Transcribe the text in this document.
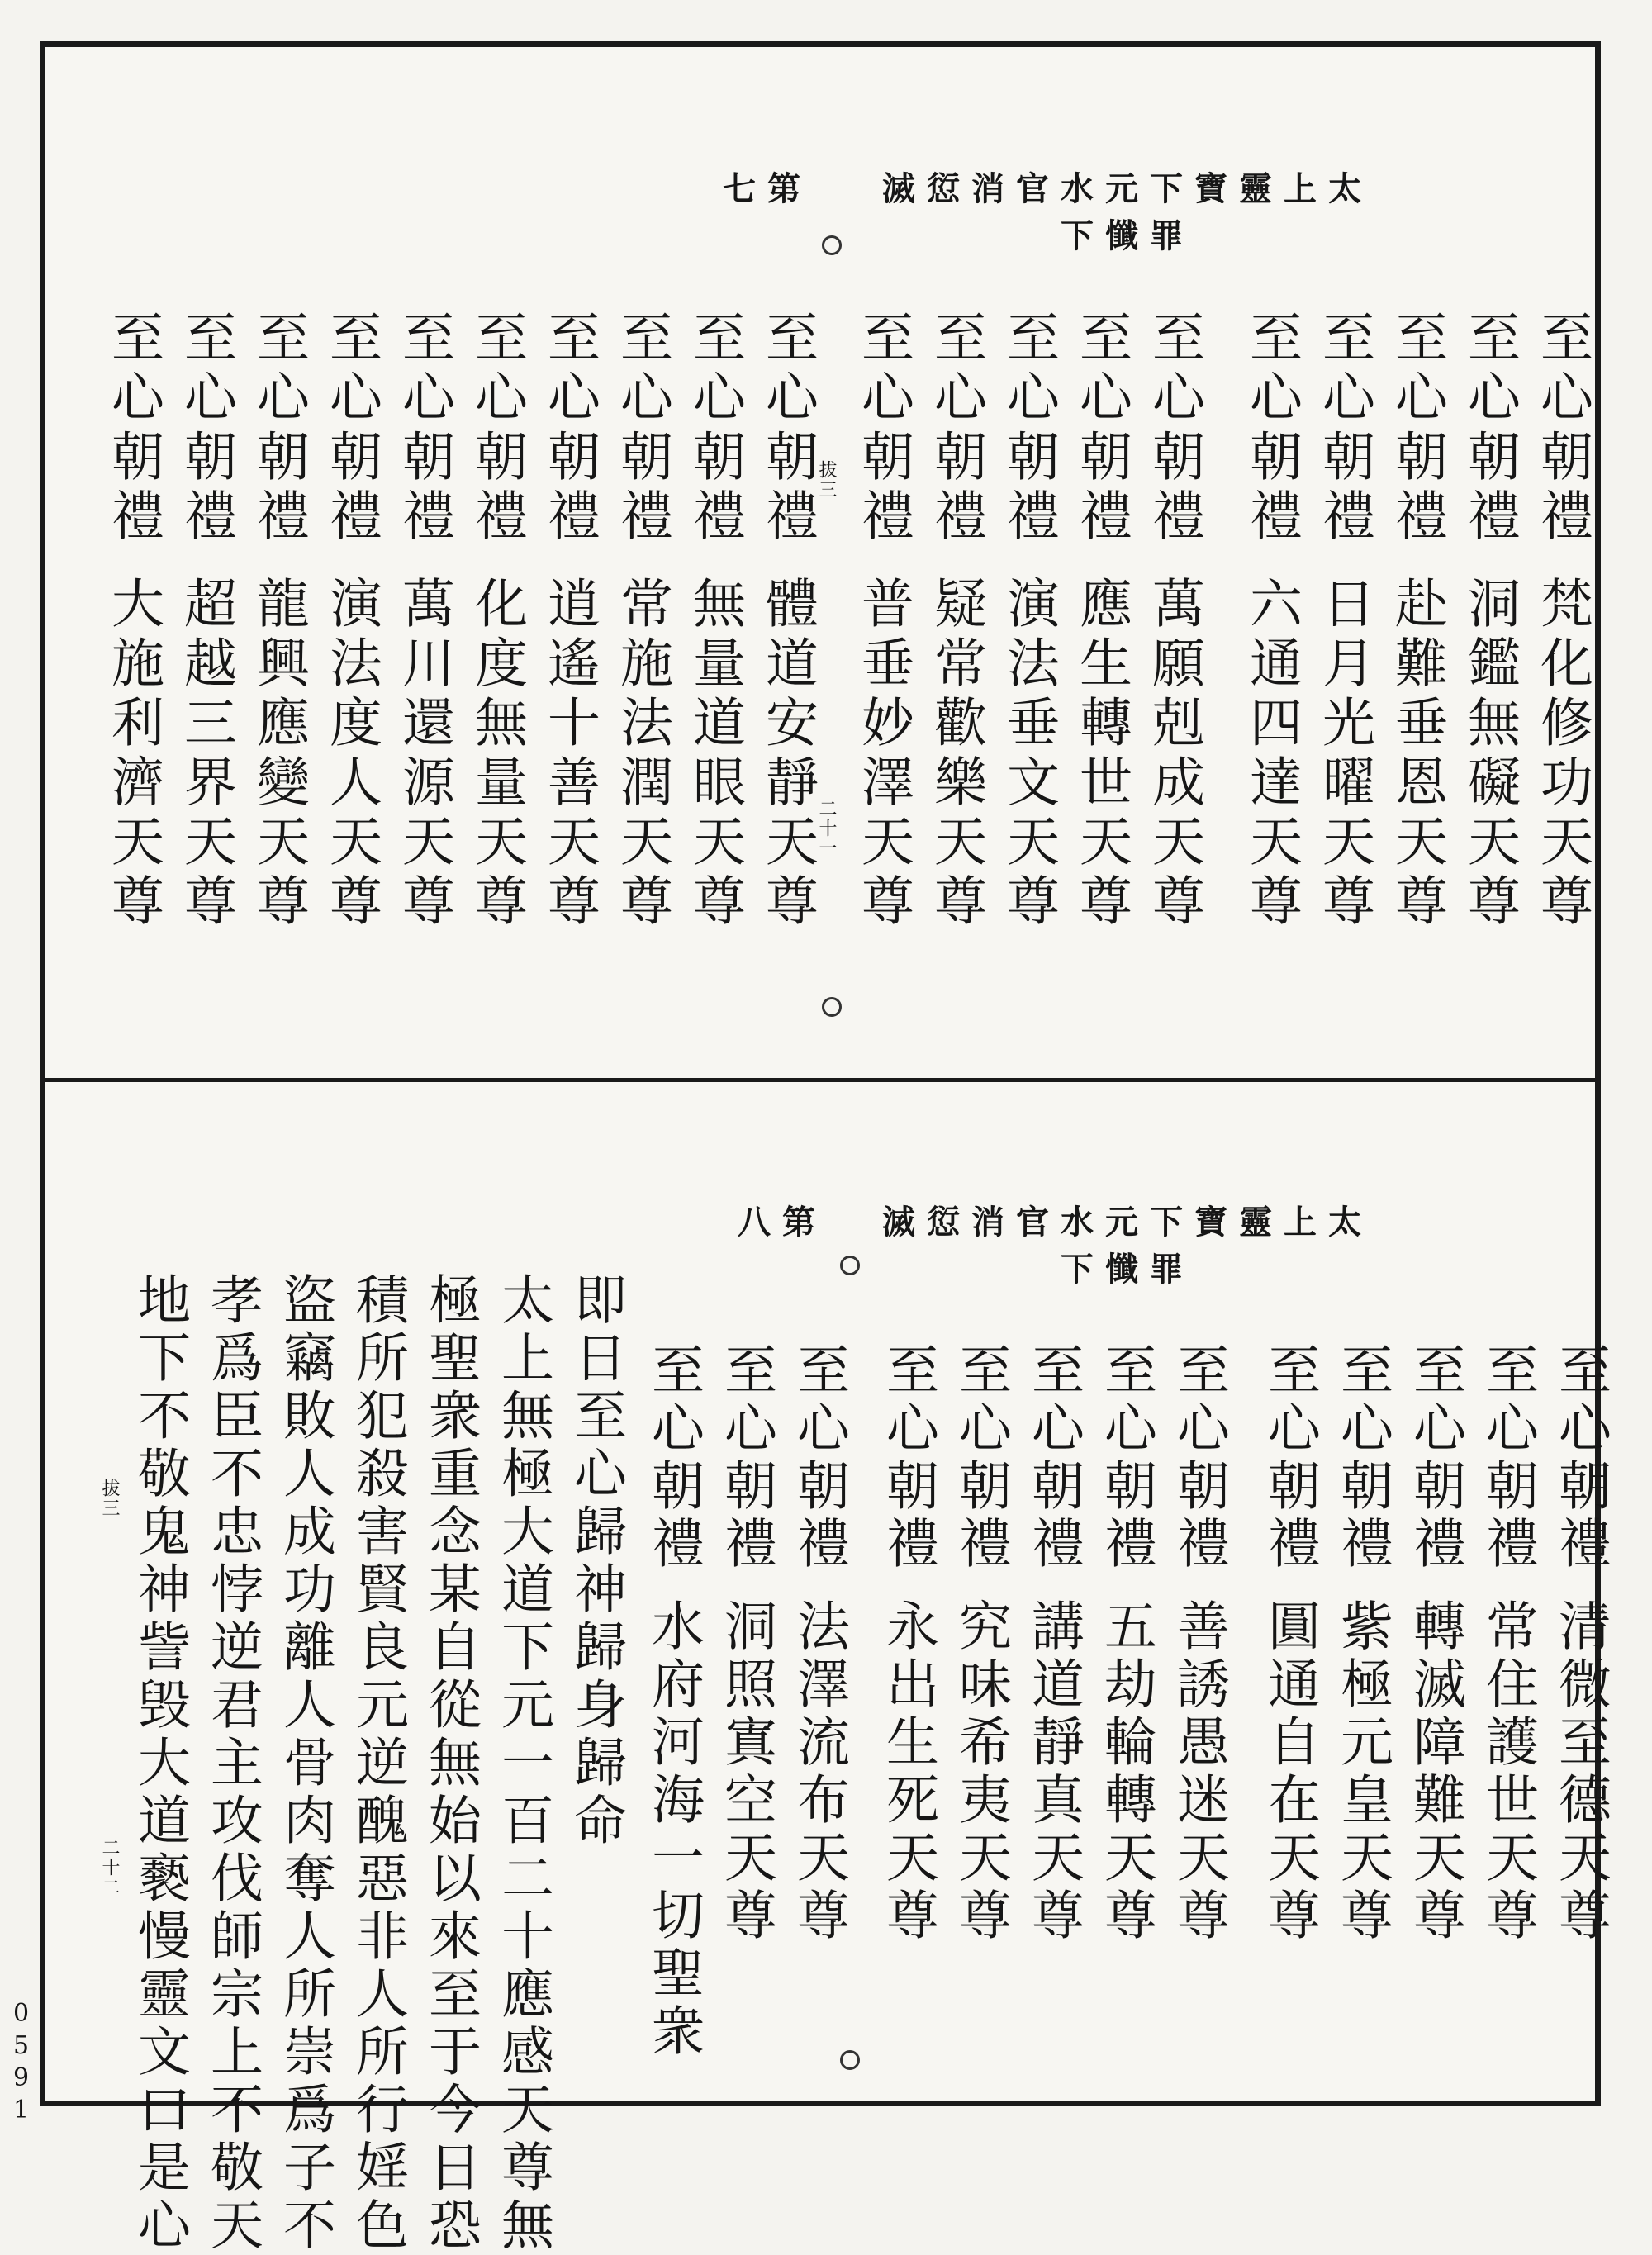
太上靈寶下元水官消愆滅罪懺下
第七
至心朝禮
至心朝禮
至心朝禮
至心朝禮
至心朝禮
至心朝禮
至心朝禮
至心朝禮
至心朝禮
至心朝禮
至心朝禮
至心朝禮
至心朝禮
至心朝禮
至心朝禮
至心朝禮
至心朝禮
至心朝禮
至心朝禮
至心朝禮
梵化修功天尊
洞鑑無礙天尊
赴難垂恩天尊
日月光曜天尊
六通四達天尊
萬願剋成天尊
應生轉世天尊
演法垂文天尊
疑常歡樂天尊
普垂妙澤天尊
體道安靜天尊
無量道眼天尊
常施法潤天尊
逍遙十善天尊
化度無量天尊
萬川還源天尊
演法度人天尊
龍興應變天尊
超越三界天尊
大施利濟天尊
拔三
二十一
太上靈寶下元水官消愆滅罪懺下
第八
至心朝禮
至心朝禮
至心朝禮
至心朝禮
至心朝禮
至心朝禮
至心朝禮
至心朝禮
至心朝禮
至心朝禮
至心朝禮
至心朝禮
至心朝禮
清微至德天尊
常住護世天尊
轉滅障難天尊
紫極元皇天尊
圓通自在天尊
善誘愚迷天尊
五劫輪轉天尊
講道靜真天尊
究味希夷天尊
永出生死天尊
法澤流布天尊
洞照寘空天尊
水府河海一切聖衆
即日至心歸神歸身歸命
太上無極大道下元一百二十應感天尊無
極聖衆重念某自從無始以來至于今日恐
積所犯殺害賢良元逆醜惡非人所行婬色
盜竊敗人成功離人骨肉奪人所崇爲子不
孝爲臣不忠悖逆君主攻伐師宗上不敬天
地下不敬鬼神訾毁大道褻慢靈文口是心
拔三
二十二
0591
